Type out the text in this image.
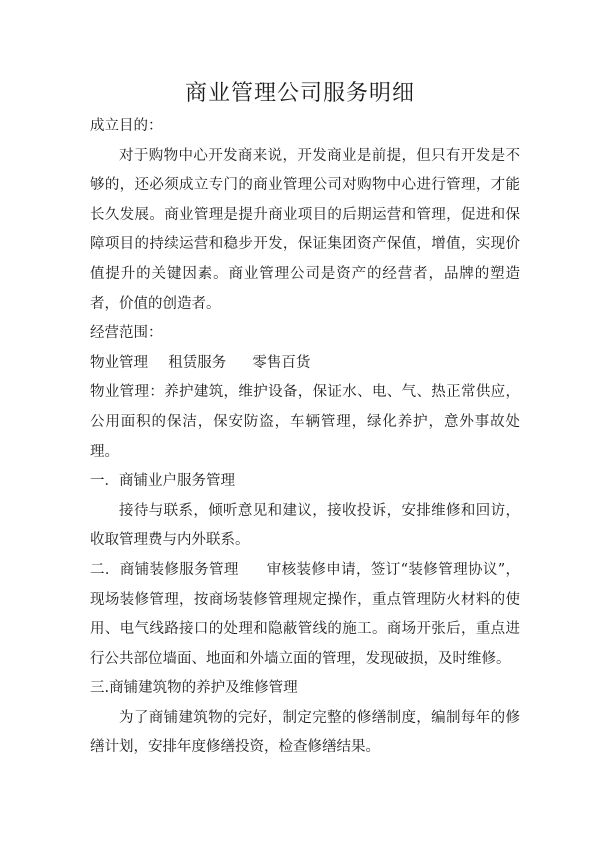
商业管理公司服务明细

成立目的：

对于购物中心开发商来说，开发商业是前提，但只有开发是不够的，还必须成立专门的商业管理公司对购物中心进行管理，才能长久发展。商业管理是提升商业项目的后期运营和管理，促进和保障项目的持续运营和稳步开发，保证集团资产保值，增值，实现价值提升的关键因素。商业管理公司是资产的经营者，品牌的塑造者，价值的创造者。

经营范围：

物业管理 租赁服务 零售百货

物业管理：养护建筑，维护设备，保证水、电、气、热正常供应，公用面积的保洁，保安防盗，车辆管理，绿化养护，意外事故处理。

一．商铺业户服务管理

接待与联系，倾听意见和建议，接收投诉，安排维修和回访，收取管理费与内外联系。

二．商铺装修服务管理 审核装修申请，签订“装修管理协议”，现场装修管理，按商场装修管理规定操作，重点管理防火材料的使用、电气线路接口的处理和隐蔽管线的施工。商场开张后，重点进行公共部位墙面、地面和外墙立面的管理，发现破损，及时维修。

三.商铺建筑物的养护及维修管理

为了商铺建筑物的完好，制定完整的修缮制度，编制每年的修缮计划，安排年度修缮投资，检查修缮结果。
